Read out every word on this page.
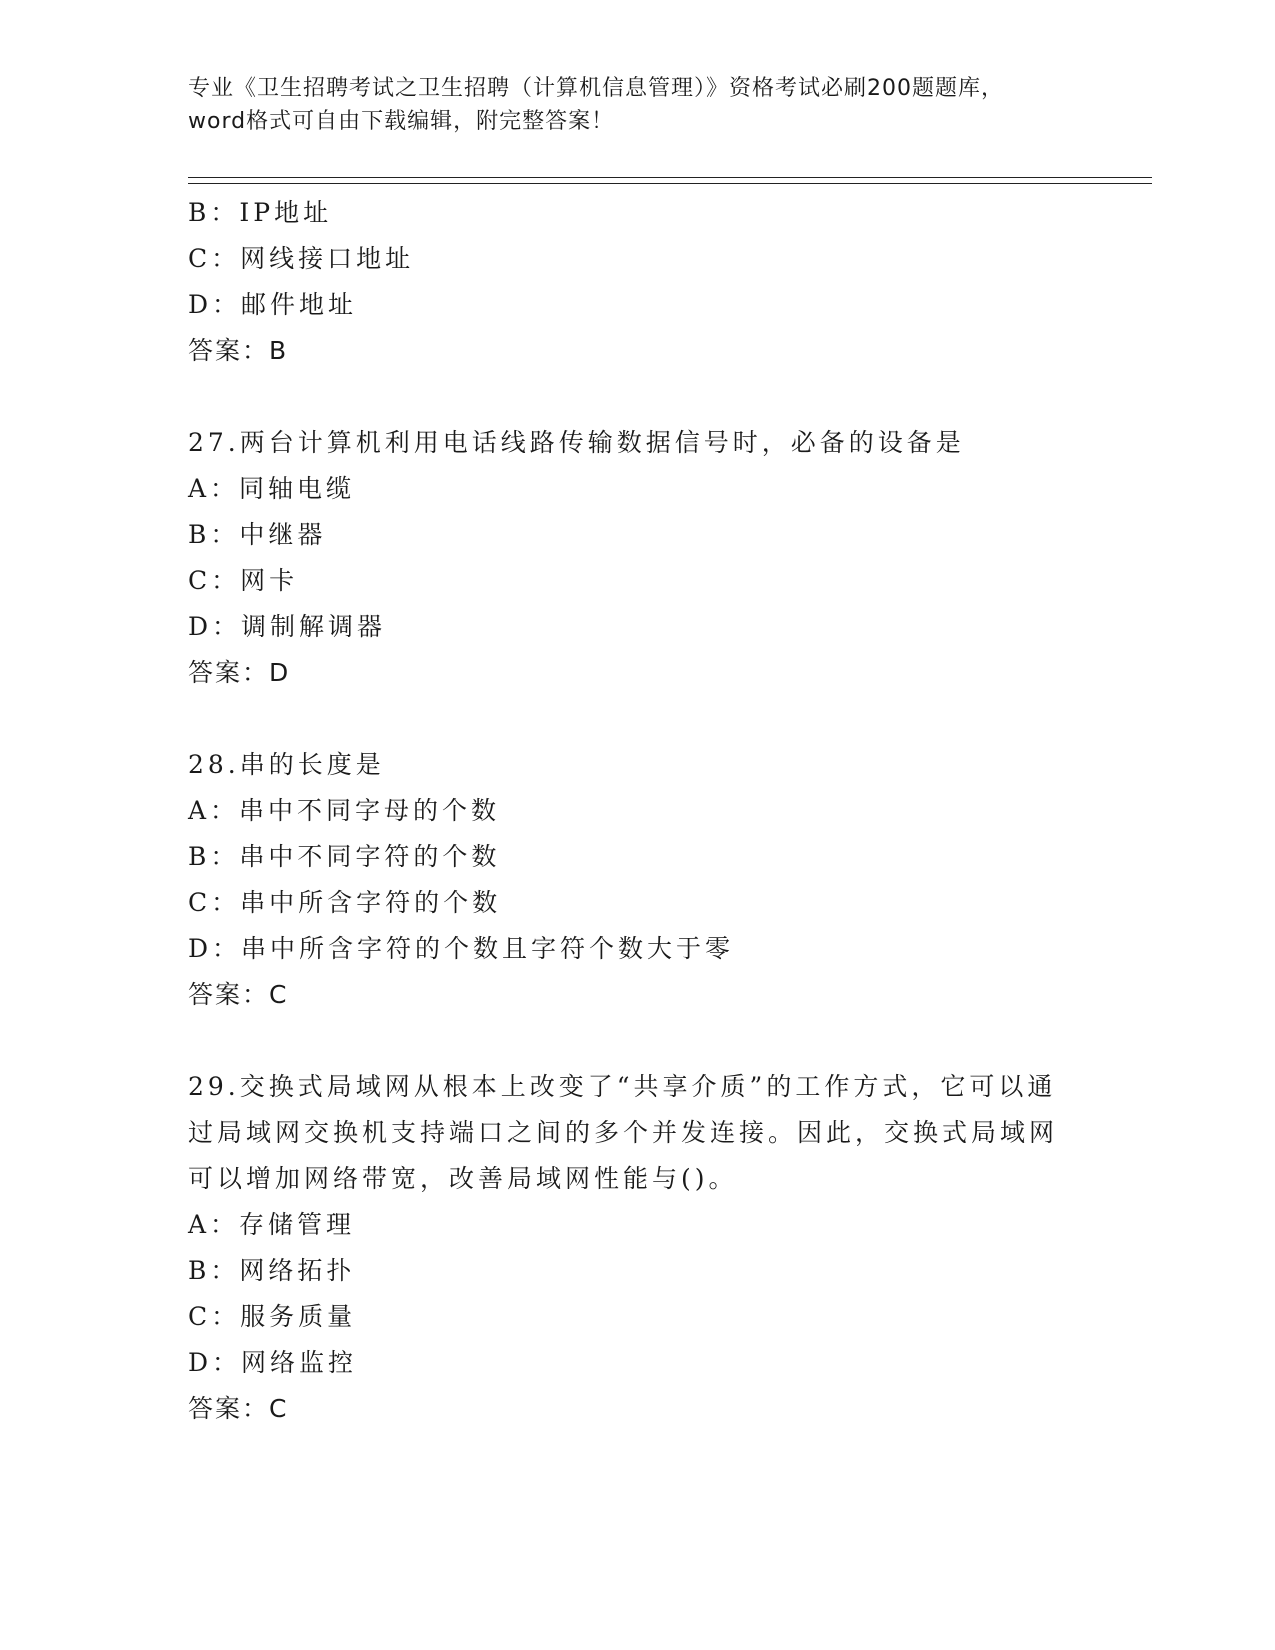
专业《卫生招聘考试之卫生招聘（计算机信息管理）》资格考试必刷200题题库，
word格式可自由下载编辑，附完整答案！
B：IP地址
C：网线接口地址
D：邮件地址
答案：B
27.两台计算机利用电话线路传输数据信号时，必备的设备是
A：同轴电缆
B：中继器
C：网卡
D：调制解调器
答案：D
28.串的长度是
A：串中不同字母的个数
B：串中不同字符的个数
C：串中所含字符的个数
D：串中所含字符的个数且字符个数大于零
答案：C
29.交换式局域网从根本上改变了“共享介质”的工作方式，它可以通
过局域网交换机支持端口之间的多个并发连接。因此，交换式局域网
可以增加网络带宽，改善局域网性能与()。
A：存储管理
B：网络拓扑
C：服务质量
D：网络监控
答案：C
